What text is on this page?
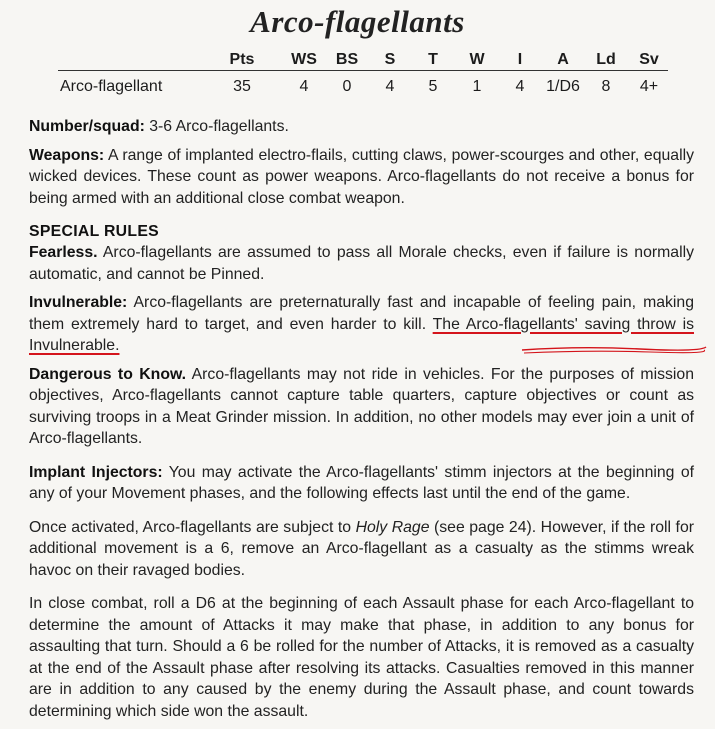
Arco-flagellants
Pts WS BS S T W I A Ld Sv
Arco-flagellant	35	4 0 4 5 1 4 1/D6 8 4+

Number/squad: 3-6 Arco-flagellants.

Weapons: A range of implanted electro-flails, cutting claws, power-scourges and other, equally wicked devices. These count as power weapons. Arco-flagellants do not receive a bonus for being armed with an additional close combat weapon.

SPECIAL RULES

Fearless. Arco-flagellants are assumed to pass all Morale checks, even if failure is normally automatic, and cannot be Pinned.

Invulnerable: Arco-flagellants are preternaturally fast and incapable of feeling pain, making them extremely hard to target, and even harder to kill. The Arco-flagellants' saving throw is Invulnerable.

Dangerous to Know. Arco-flagellants may not ride in vehicles. For the purposes of mission objectives, Arco-flagellants cannot capture table quarters, capture objectives or count as surviving troops in a Meat Grinder mission. In addition, no other models may ever join a unit of Arco-flagellants.

Implant Injectors: You may activate the Arco-flagellants' stimm injectors at the beginning of any of your Movement phases, and the following effects last until the end of the game.

Once activated, Arco-flagellants are subject to Holy Rage (see page 24). However, if the roll for additional movement is a 6, remove an Arco-flagellant as a casualty as the stimms wreak havoc on their ravaged bodies.

In close combat, roll a D6 at the beginning of each Assault phase for each Arco-flagellant to determine the amount of Attacks it may make that phase, in addition to any bonus for assaulting that turn. Should a 6 be rolled for the number of Attacks, it is removed as a casualty at the end of the Assault phase after resolving its attacks. Casualties removed in this manner are in addition to any caused by the enemy during the Assault phase, and count towards determining which side won the assault.
